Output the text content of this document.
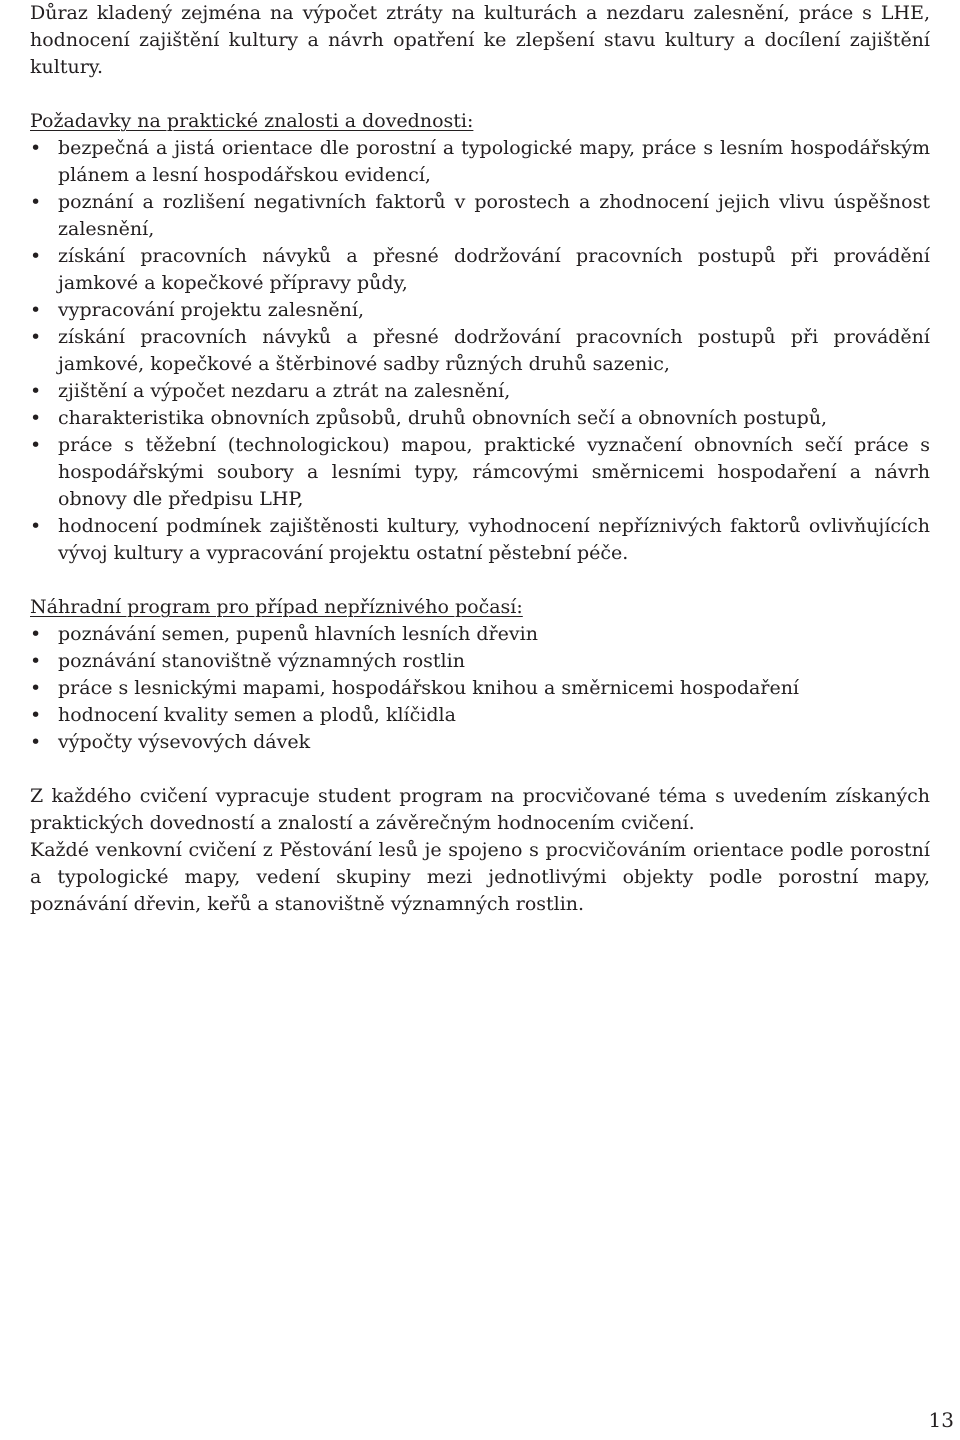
Důraz kladený zejména na výpočet ztráty na kulturách a nezdaru zalesnění, práce s LHE, hodnocení zajištění kultury a návrh opatření ke zlepšení stavu kultury a docílení zajištění kultury.

Požadavky na praktické znalosti a dovednosti:

• bezpečná a jistá orientace dle porostní a typologické mapy, práce s lesním hospodářským plánem a lesní hospodářskou evidencí,
• poznání a rozlišení negativních faktorů v porostech a zhodnocení jejich vlivu úspěšnost zalesnění,
• získání pracovních návyků a přesné dodržování pracovních postupů při provádění jamkové a kopečkové přípravy půdy,
• vypracování projektu zalesnění,
• získání pracovních návyků a přesné dodržování pracovních postupů při provádění jamkové, kopečkové a štěrbinové sadby různých druhů sazenic,
• zjištění a výpočet nezdaru a ztrát na zalesnění,
• charakteristika obnovních způsobů, druhů obnovních sečí a obnovních postupů,
• práce s těžební (technologickou) mapou, praktické vyznačení obnovních sečí práce s hospodářskými soubory a lesními typy, rámcovými směrnicemi hospodaření a návrh obnovy dle předpisu LHP,
• hodnocení podmínek zajištěnosti kultury, vyhodnocení nepříznivých faktorů ovlivňujících vývoj kultury a vypracování projektu ostatní pěstební péče.

Náhradní program pro případ nepříznivého počasí:

• poznávání semen, pupenů hlavních lesních dřevin
• poznávání stanovištně významných rostlin
• práce s lesnickými mapami, hospodářskou knihou a směrnicemi hospodaření
• hodnocení kvality semen a plodů, klíčidla
• výpočty výsevových dávek

Z každého cvičení vypracuje student program na procvičované téma s uvedením získaných praktických dovedností a znalostí a závěrečným hodnocením cvičení.

Každé venkovní cvičení z Pěstování lesů je spojeno s procvičováním orientace podle porostní a typologické mapy, vedení skupiny mezi jednotlivými objekty podle porostní mapy, poznávání dřevin, keřů a stanovištně významných rostlin.

13
